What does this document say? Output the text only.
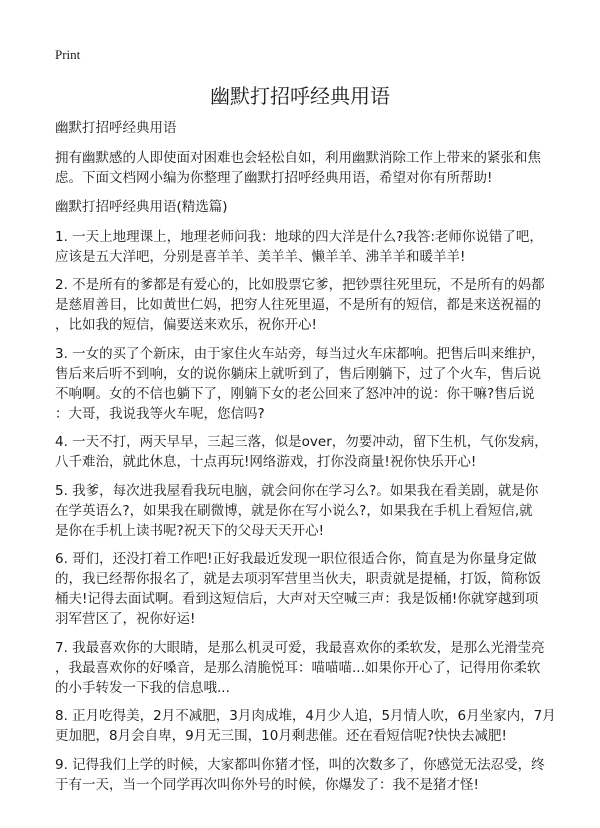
Print
幽默打招呼经典用语
幽默打招呼经典用语
拥有幽默感的人即使面对困难也会轻松自如，利用幽默消除工作上带来的紧张和焦
虑。下面文档网小编为你整理了幽默打招呼经典用语，希望对你有所帮助!
幽默打招呼经典用语(精选篇)
1. 一天上地理课上，地理老师问我：地球的四大洋是什么?我答:老师你说错了吧，
应该是五大洋吧，分别是喜羊羊、美羊羊、懒羊羊、沸羊羊和暖羊羊!
2. 不是所有的爹都是有爱心的，比如股票它爹，把钞票往死里玩，不是所有的妈都
是慈眉善目，比如黄世仁妈，把穷人往死里逼，不是所有的短信，都是来送祝福的
，比如我的短信，偏要送来欢乐，祝你开心!
3. 一女的买了个新床，由于家住火车站旁，每当过火车床都响。把售后叫来维护，
售后来后听不到响，女的说你躺床上就听到了，售后刚躺下，过了个火车，售后说
不响啊。女的不信也躺下了，刚躺下女的老公回来了怒冲冲的说：你干嘛?售后说
：大哥，我说我等火车呢，您信吗?
4. 一天不打，两天早早，三起三落，似是over，勿要冲动，留下生机，气你发病，
八千难治，就此休息，十点再玩!网络游戏，打你没商量!祝你快乐开心!
5. 我爹，每次进我屋看我玩电脑，就会问你在学习么?。如果我在看美剧，就是你
在学英语么?，如果我在刷微博，就是你在写小说么?，如果我在手机上看短信,就
是你在手机上读书呢?祝天下的父母天天开心!
6. 哥们，还没打着工作吧!正好我最近发现一职位很适合你，简直是为你量身定做
的，我已经帮你报名了，就是去项羽军营里当伙夫，职责就是提桶，打饭，简称饭
桶夫!记得去面试啊。看到这短信后，大声对天空喊三声：我是饭桶!你就穿越到项
羽军营区了，祝你好运!
7. 我最喜欢你的大眼睛，是那么机灵可爱，我最喜欢你的柔软发，是那么光滑莹亮
，我最喜欢你的好嗓音，是那么清脆悦耳：喵喵喵...如果你开心了，记得用你柔软
的小手转发一下我的信息哦...
8. 正月吃得美，2月不减肥，3月肉成堆，4月少人追，5月情人吹，6月坐家内，7月
更加肥，8月会自卑，9月无三围，10月剩悲催。还在看短信呢?快快去减肥!
9. 记得我们上学的时候，大家都叫你猪才怪，叫的次数多了，你感觉无法忍受，终
于有一天，当一个同学再次叫你外号的时候，你爆发了：我不是猪才怪!
